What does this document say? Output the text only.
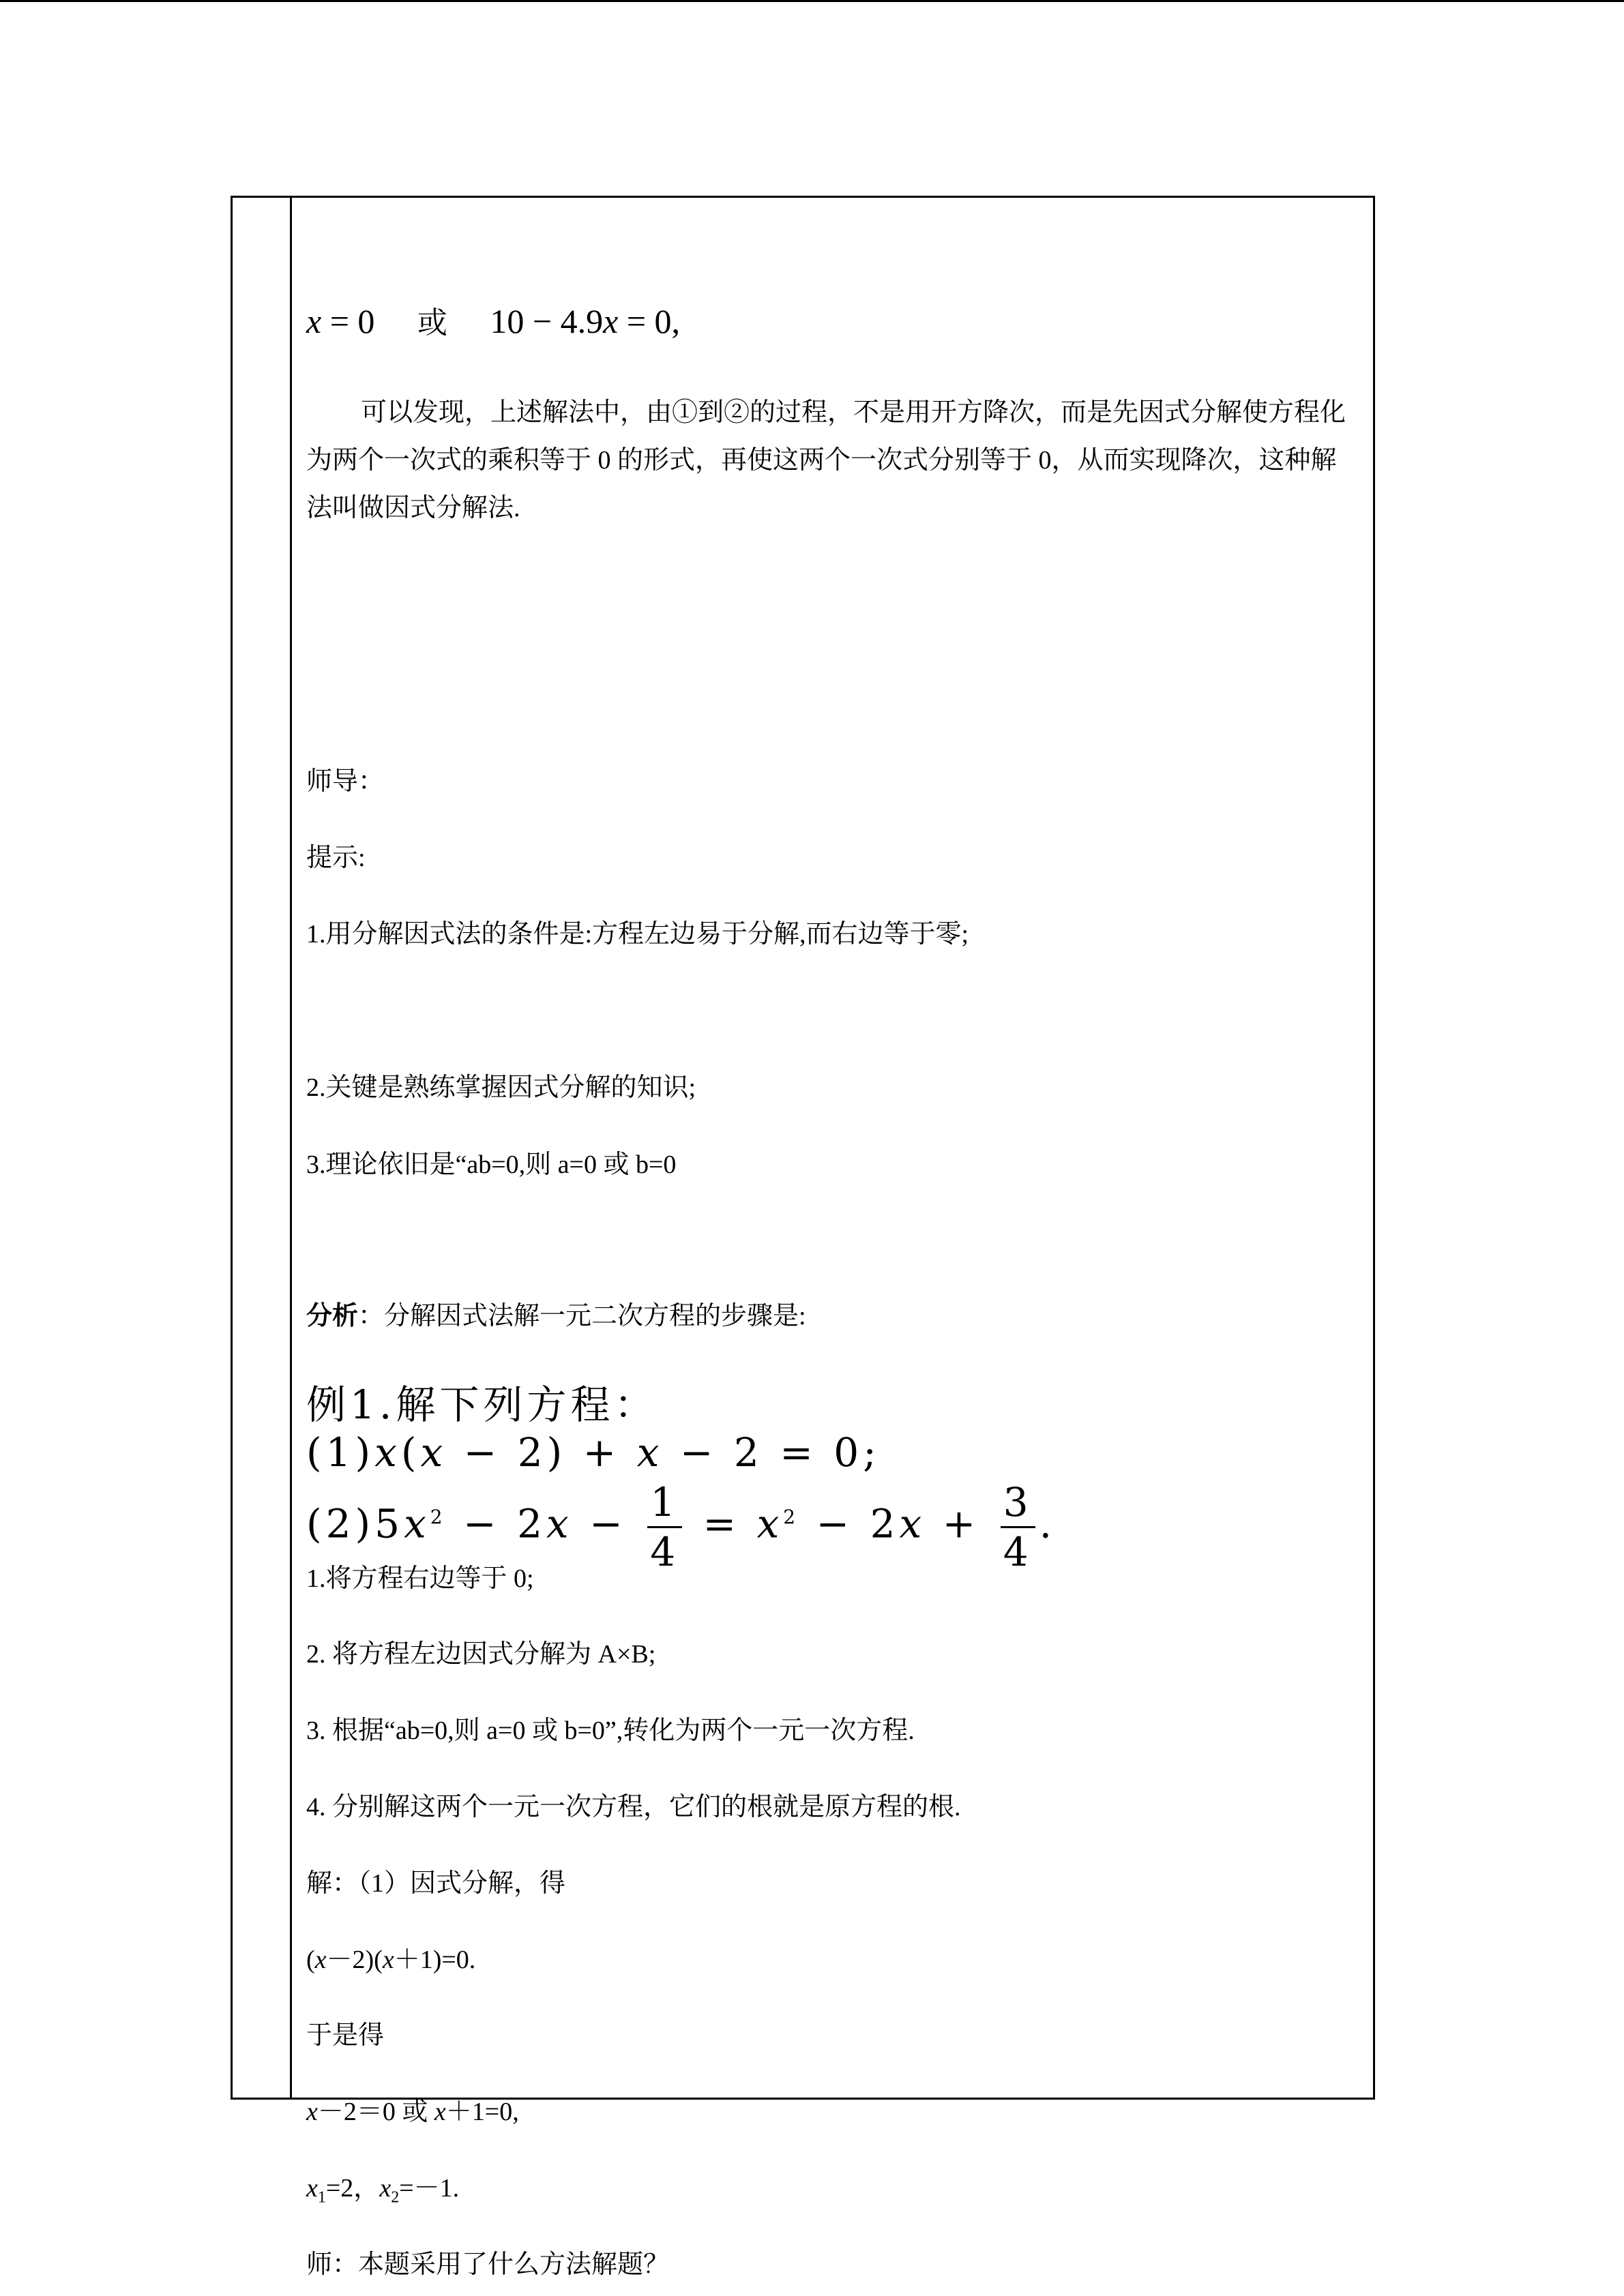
x = 0 或 10 − 4.9x = 0,
可以发现，上述解法中，由①到②的过程，不是用开方降次，而是先因式分解使方程化为两个一次式的乘积等于 0 的形式，再使这两个一次式分别等于 0，从而实现降次，这种解法叫做因式分解法.
师导：
提示:
1.用分解因式法的条件是:方程左边易于分解,而右边等于零;
2.关键是熟练掌握因式分解的知识;
3.理论依旧是“ab=0,则 a=0 或 b=0
分析：分解因式法解一元二次方程的步骤是:
例1.解下列方程：
(1)x(x − 2) + x − 2 = 0;
$(2)5x^2 - 2x - \frac{1}{4} = x^2 - 2x + \frac{3}{4}$ .
1.将方程右边等于 0;
2. 将方程左边因式分解为 A×B;
3. 根据“ab=0,则 a=0 或 b=0”,转化为两个一元一次方程.
4. 分别解这两个一元一次方程，它们的根就是原方程的根.
解：（1）因式分解，得
(x－2)(x＋1)=0.
于是得
x－2＝0 或 x＋1=0,
$x_1=2$，$x_2=-1$.
师：本题采用了什么方法解题？
